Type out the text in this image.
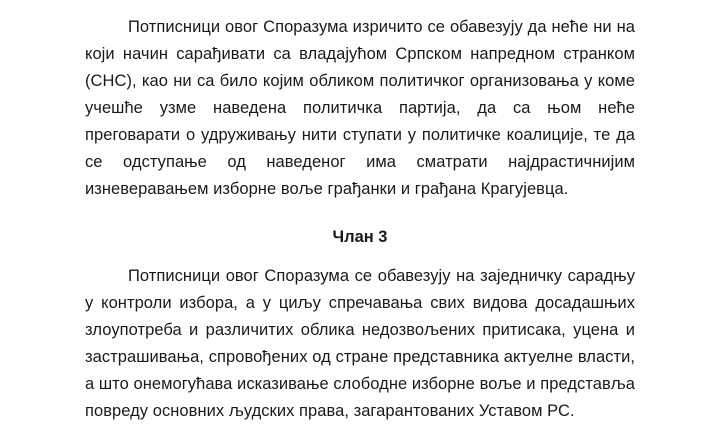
Потписници овог Споразума изричито се обавезују да неће ни на који начин сарађивати са владајућом Српском напредном странком (СНС), као ни са било којим обликом политичког организовања у коме учешће узме наведена политичка партија, да са њом неће преговарати о удруживању нити ступати у политичке коалиције, те да се одступање од наведеног има сматрати најдрастичнијим изневеравањем изборне воље грађанки и грађана Крагујевца.

Члан 3

Потписници овог Споразума се обавезују на заједничку сарадњу у контроли избора, а у циљу спречавања свих видова досадашњих злоупотреба и различитих облика недозвољених притисака, уцена и застрашивања, спровођених од стране представника актуелне власти, а што онемогућава исказивање слободне изборне воље и представља повреду основних људских права, загарантованих Уставом РС.
